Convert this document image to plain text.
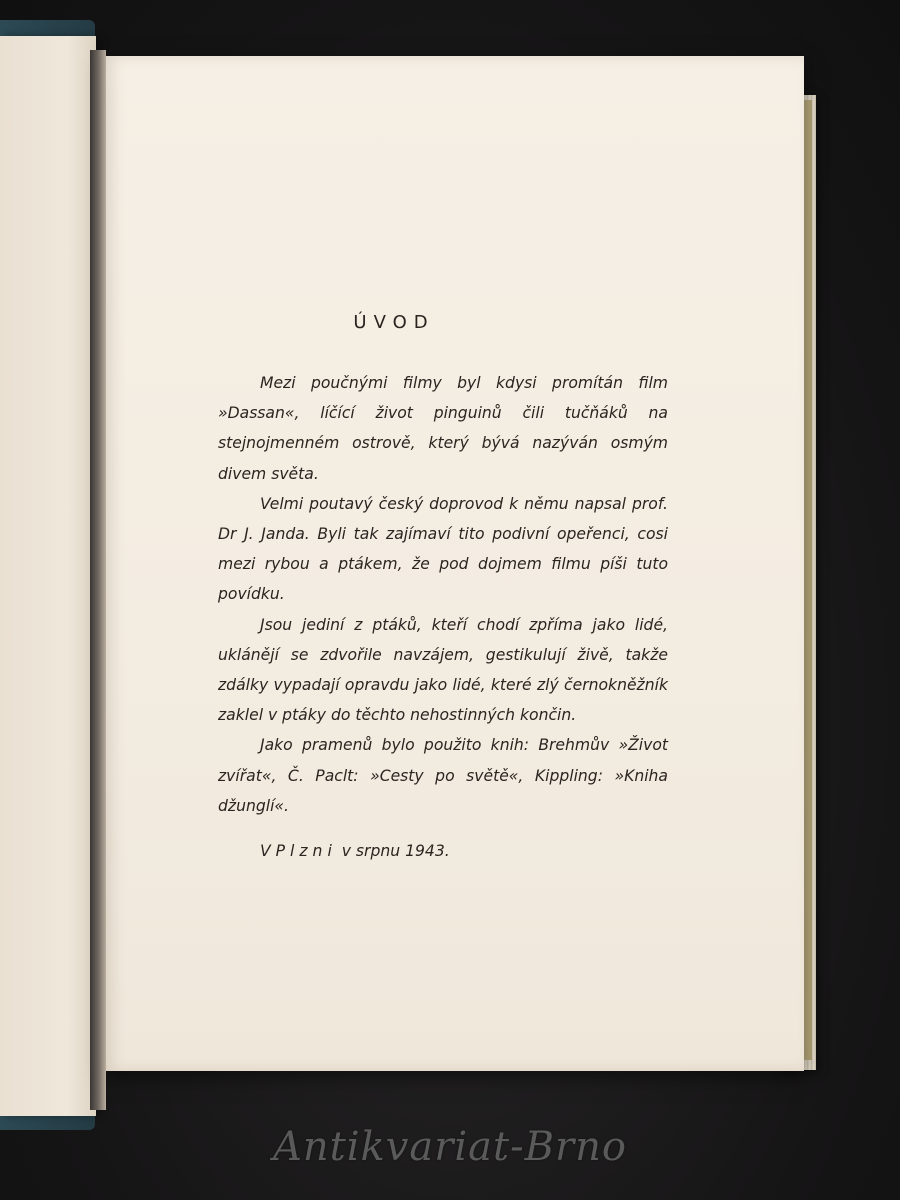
ÚVOD

Mezi poučnými filmy byl kdysi promítán film »Dassan«, líčící život pinguinů čili tučňáků na stejnojmenném ostrově, který bývá nazýván osmým divem světa.

Velmi poutavý český doprovod k němu napsal prof. Dr J. Janda. Byli tak zajímaví tito podivní opeřenci, cosi mezi rybou a ptákem, že pod dojmem filmu píši tuto povídku.

Jsou jediní z ptáků, kteří chodí zpříma jako lidé, uklánějí se zdvořile navzájem, gestikulují živě, takže zdálky vypadají opravdu jako lidé, které zlý černokněžník zaklel v ptáky do těchto nehostinných končin.

Jako pramenů bylo použito knih: Brehmův »Život zvířat«, Č. Paclt: »Cesty po světě«, Kippling: »Kniha džunglí«.

V Plzni v srpnu 1943.
Antikvariat-Brno
